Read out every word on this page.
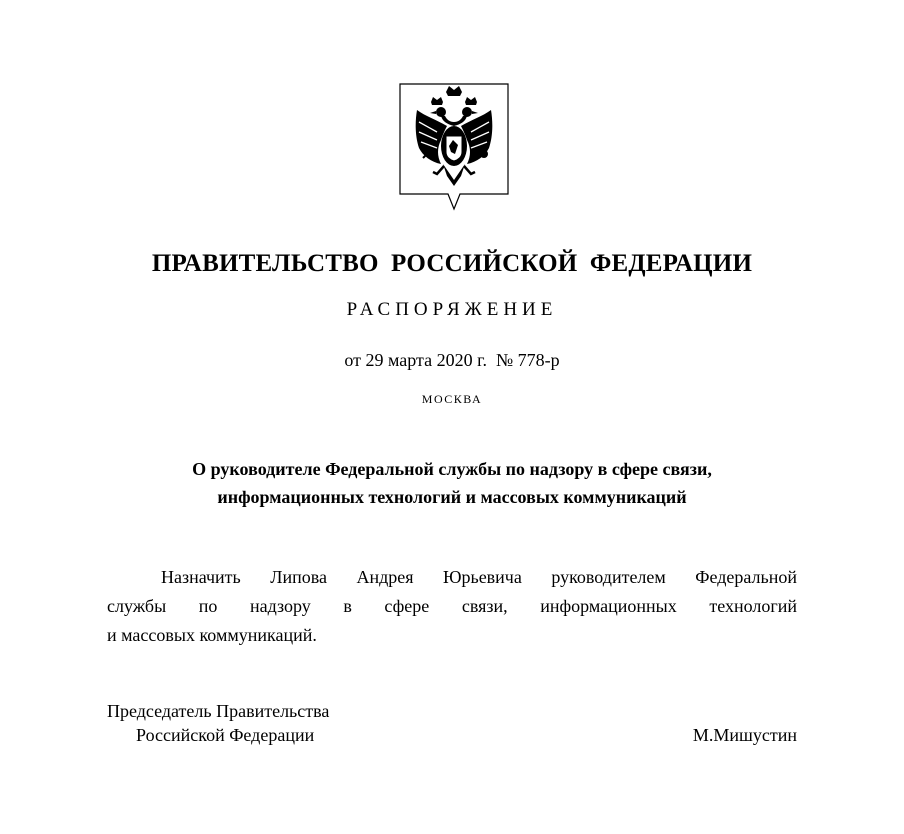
ПРАВИТЕЛЬСТВО РОССИЙСКОЙ ФЕДЕРАЦИИ
РАСПОРЯЖЕНИЕ
от 29 марта 2020 г.  № 778-р
МОСКВА
О руководителе Федеральной службы по надзору в сфере связи,
информационных технологий и массовых коммуникаций
Назначить Липова Андрея Юрьевича руководителем Федеральной
службы по надзору в сфере связи, информационных технологий
и массовых коммуникаций.
Председатель Правительства
Российской Федерации	М.Мишустин
